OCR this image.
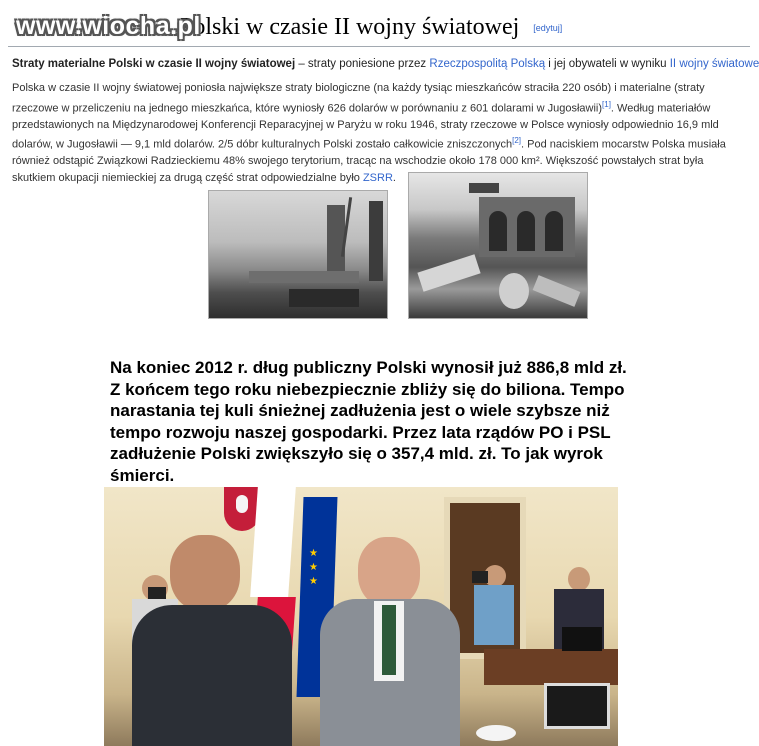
www.wiocha.pl
Polski w czasie II wojny światowej [edytuj]
Straty materialne Polski w czasie II wojny światowej – straty poniesione przez Rzeczpospolitą Polską i jej obywateli w wyniku II wojny światowe
Polska w czasie II wojny światowej poniosła największe straty biologiczne (na każdy tysiąc mieszkańców straciła 220 osób) i materialne (straty rzeczowe w przeliczeniu na jednego mieszkańca, które wyniosły 626 dolarów w porównaniu z 601 dolarami w Jugosławii)[1]. Według materiałów przedstawionych na Międzynarodowej Konferencji Reparacyjnej w Paryżu w roku 1946, straty rzeczowe w Polsce wyniosły odpowiednio 16,9 mld dolarów, w Jugosławii — 9,1 mld dolarów. 2/5 dóbr kulturalnych Polski zostało całkowicie zniszczonych[2]. Pod naciskiem mocarstw Polska musiała również odstąpić Związkowi Radzieckiemu 48% swojego terytorium, tracąc na wschodzie około 178 000 km². Większość powstałych strat była skutkiem okupacji niemieckiej za drugą część strat odpowiedzialne było ZSRR.
Na koniec 2012 r. dług publiczny Polski wynosił już 886,8 mld zł. Z końcem tego roku niebezpiecznie zbliży się do biliona. Tempo narastania tej kuli śnieżnej zadłużenia jest o wiele szybsze niż tempo rozwoju naszej gospodarki. Przez lata rządów PO i PSL zadłużenie Polski zwiększyło się o 357,4 mld. zł. To jak wyrok śmierci.
★
★
★
